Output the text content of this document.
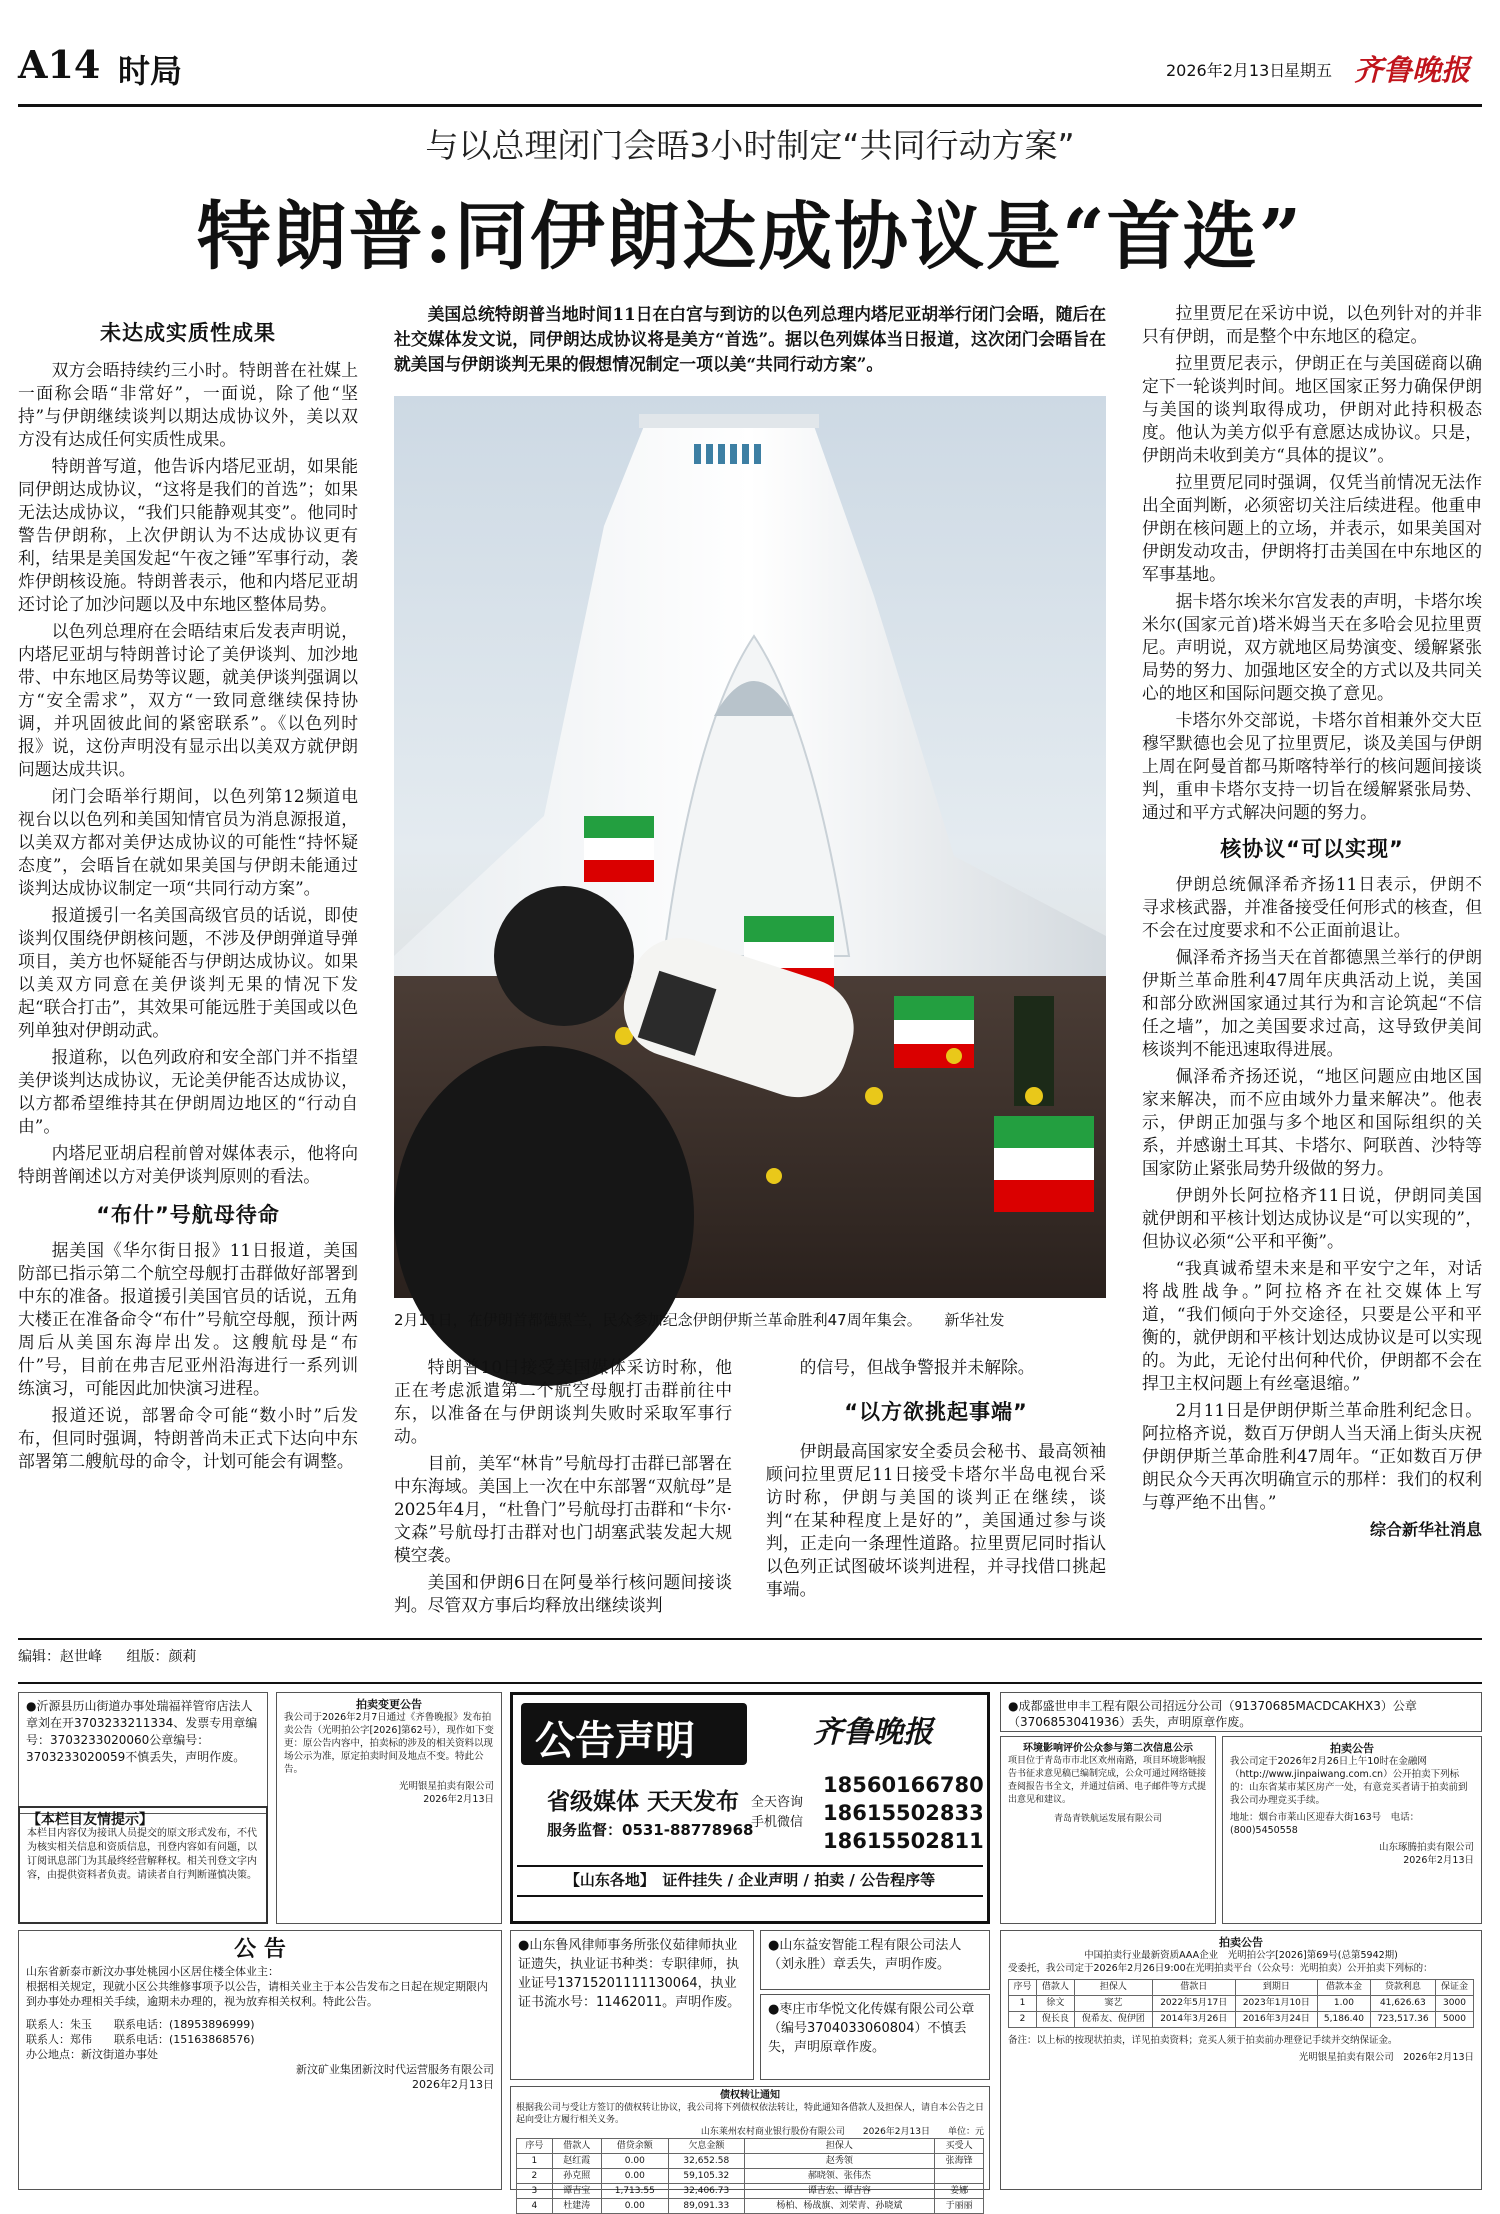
A14 时局	2026年2月13日
星期五 齐鲁晚报
与以总理闭门会晤3小时制定“共同行动方案”
特朗普:同伊朗达成协议是“首选”
未达成实质性成果

双方会晤持续约三小时。特朗普在社媒上一面称会晤“非常好”，一面说，除了他“坚持”与伊朗继续谈判以期达成协议外，美以双方没有达成任何实质性成果。

特朗普写道，他告诉内塔尼亚胡，如果能同伊朗达成协议，“这将是我们的首选”；如果无法达成协议，“我们只能静观其变”。他同时警告伊朗称，上次伊朗认为不达成协议更有利，结果是美国发起“午夜之锤”军事行动，袭炸伊朗核设施。特朗普表示，他和内塔尼亚胡还讨论了加沙问题以及中东地区整体局势。

以色列总理府在会晤结束后发表声明说，内塔尼亚胡与特朗普讨论了美伊谈判、加沙地带、中东地区局势等议题，就美伊谈判强调以方“安全需求”，双方“一致同意继续保持协调，并巩固彼此间的紧密联系”。《以色列时报》说，这份声明没有显示出以美双方就伊朗问题达成共识。

闭门会晤举行期间，以色列第12频道电视台以以色列和美国知情官员为消息源报道，以美双方都对美伊达成协议的可能性“持怀疑态度”，会晤旨在就如果美国与伊朗未能通过谈判达成协议制定一项“共同行动方案”。

报道援引一名美国高级官员的话说，即使谈判仅围绕伊朗核问题，不涉及伊朗弹道导弹项目，美方也怀疑能否与伊朗达成协议。如果以美双方同意在美伊谈判无果的情况下发起“联合打击”，其效果可能远胜于美国或以色列单独对伊朗动武。

报道称，以色列政府和安全部门并不指望美伊谈判达成协议，无论美伊能否达成协议，以方都希望维持其在伊朗周边地区的“行动自由”。

内塔尼亚胡启程前曾对媒体表示，他将向特朗普阐述以方对美伊谈判原则的看法。

“布什”号航母待命

据美国《华尔街日报》11日报道，美国防部已指示第二个航空母舰打击群做好部署到中东的准备。报道援引美国官员的话说，五角大楼正在准备命令“布什”号航空母舰，预计两周后从美国东海岸出发。这艘航母是“布什”号，目前在弗吉尼亚州沿海进行一系列训练演习，可能因此加快演习进程。

报道还说，部署命令可能“数小时”后发布，但同时强调，特朗普尚未正式下达向中东部署第二艘航母的命令，计划可能会有调整。

美国总统特朗普当地时间11日在白宫与到访的以色列总理内塔尼亚胡举行闭门会晤，随后在社交媒体发文说，同伊朗达成协议将是美方“首选”。据以色列媒体当日报道，这次闭门会晤旨在就美国与伊朗谈判无果的假想情况制定一项以美“共同行动方案”。
2月11日，在伊朗首都德黑兰，民众参加纪念伊朗伊斯兰革命胜利47周年集会。 新华社发

特朗普10日接受美国媒体采访时称，他正在考虑派遣第二个航空母舰打击群前往中东，以准备在与伊朗谈判失败时采取军事行动。

目前，美军“林肯”号航母打击群已部署在中东海域。美国上一次在中东部署“双航母”是2025年4月，“杜鲁门”号航母打击群和“卡尔·文森”号航母打击群对也门胡塞武装发起大规模空袭。

美国和伊朗6日在阿曼举行核问题间接谈判。尽管双方事后均释放出继续谈判

的信号，但战争警报并未解除。

“以方欲挑起事端”

伊朗最高国家安全委员会秘书、最高领袖顾问拉里贾尼11日接受卡塔尔半岛电视台采访时称，伊朗与美国的谈判正在继续，谈判“在某种程度上是好的”，美国通过参与谈判，正走向一条理性道路。拉里贾尼同时指认以色列正试图破坏谈判进程，并寻找借口挑起事端。

拉里贾尼在采访中说，以色列针对的并非只有伊朗，而是整个中东地区的稳定。

拉里贾尼表示，伊朗正在与美国磋商以确定下一轮谈判时间。地区国家正努力确保伊朗与美国的谈判取得成功，伊朗对此持积极态度。他认为美方似乎有意愿达成协议。只是，伊朗尚未收到美方“具体的提议”。

拉里贾尼同时强调，仅凭当前情况无法作出全面判断，必须密切关注后续进程。他重申伊朗在核问题上的立场，并表示，如果美国对伊朗发动攻击，伊朗将打击美国在中东地区的军事基地。

据卡塔尔埃米尔宫发表的声明，卡塔尔埃米尔(国家元首)塔米姆当天在多哈会见拉里贾尼。声明说，双方就地区局势演变、缓解紧张局势的努力、加强地区安全的方式以及共同关心的地区和国际问题交换了意见。

卡塔尔外交部说，卡塔尔首相兼外交大臣穆罕默德也会见了拉里贾尼，谈及美国与伊朗上周在阿曼首都马斯喀特举行的核问题间接谈判，重申卡塔尔支持一切旨在缓解紧张局势、通过和平方式解决问题的努力。

核协议“可以实现”

伊朗总统佩泽希齐扬11日表示，伊朗不寻求核武器，并准备接受任何形式的核查，但不会在过度要求和不公正面前退让。

佩泽希齐扬当天在首都德黑兰举行的伊朗伊斯兰革命胜利47周年庆典活动上说，美国和部分欧洲国家通过其行为和言论筑起“不信任之墙”，加之美国要求过高，这导致伊美间核谈判不能迅速取得进展。

佩泽希齐扬还说，“地区问题应由地区国家来解决，而不应由域外力量来解决”。他表示，伊朗正加强与多个地区和国际组织的关系，并感谢土耳其、卡塔尔、阿联酋、沙特等国家防止紧张局势升级做的努力。

伊朗外长阿拉格齐11日说，伊朗同美国就伊朗和平核计划达成协议是“可以实现的”，但协议必须“公平和平衡”。

“我真诚希望未来是和平安宁之年，对话将战胜战争。”阿拉格齐在社交媒体上写道，“我们倾向于外交途径，只要是公平和平衡的，就伊朗和平核计划达成协议是可以实现的。为此，无论付出何种代价，伊朗都不会在捍卫主权问题上有丝毫退缩。”

2月11日是伊朗伊斯兰革命胜利纪念日。阿拉格齐说，数百万伊朗人当天涌上街头庆祝伊朗伊斯兰革命胜利47周年。“正如数百万伊朗民众今天再次明确宣示的那样：我们的权利与尊严绝不出售。”

综合新华社消息
编辑：赵世峰 组版：颜莉

●沂源县历山街道办事处瑞福祥管帘店法人章刘在开3703233211334、发票专用章编号：3703233020060公章编号：3703233020059不慎丢失，声明作废。

【本栏目友情提示】

本栏目内容仅为接讯人员提交的原文形式发布，不代为核实相关信息和资质信息，刊登内容如有问题，以订阅讯息部门为其最终经营解释权。相关刊登文字内容，由提供资料者负责。请读者自行判断谨慎决策。

拍卖变更公告

我公司于2026年2月7日通过《齐鲁晚报》发布拍卖公告（光明拍公字[2026]第62号），现作如下变更：原公告内容中，拍卖标的涉及的相关资料以现场公示为准，原定拍卖时间及地点不变。特此公告。

光明银星拍卖有限公司
2026年2月13日

公告声明	齐鲁晚报
省级媒体 天天发布
服务监督：0531-88778968
全天咨询
手机微信
18560166780
18615502833
18615502811
【山东各地】　证件挂失 / 企业声明 / 拍卖 / 公告程序等

●成都盛世申丰工程有限公司招远分公司（91370685MACDCAKHX3）公章（3706853041936）丢失，声明原章作废。

环境影响评价公众参与第二次信息公示

项目位于青岛市市北区欢州南路，项目环境影响报告书征求意见稿已编制完成，公众可通过网络链接查阅报告书全文，并通过信函、电子邮件等方式提出意见和建议。

青岛青铁航运发展有限公司

拍卖公告

我公司定于2026年2月26日上午10时在金融网（http://www.jinpaiwang.com.cn）公开拍卖下列标的：山东省某市某区房产一处，有意竞买者请于拍卖前到我公司办理竞买手续。

地址：烟台市莱山区迎春大街163号　电话：(800)5450558

山东琢腾拍卖有限公司
2026年2月13日

公 告

山东省新泰市新汶办事处桃园小区居住楼全体业主：
根据相关规定，现就小区公共维修事项予以公告，请相关业主于本公告发布之日起在规定期限内到办事处办理相关手续，逾期未办理的，视为放弃相关权利。特此公告。

联系人：朱玉　　联系电话：(18953896999)

联系人：郑伟　　联系电话：(15163868576)

办公地点：新汶街道办事处

新汶矿业集团新汶时代运营服务有限公司
2026年2月13日

●山东鲁风律师事务所张仪茹律师执业证遗失，执业证书种类：专职律师，执业证号13715201111130064，执业证书流水号：11462011。声明作废。

●山东益安智能工程有限公司法人（刘永胜）章丢失，声明作废。

●枣庄市华悦文化传媒有限公司公章（编号3704033060804）不慎丢失，声明原章作废。

债权转让通知

根据我公司与受让方签订的债权转让协议，我公司将下列债权依法转让，特此通知各借款人及担保人，请自本公告之日起向受让方履行相关义务。

山东莱州农村商业银行股份有限公司　　2026年2月13日　　单位：元

序号	借款人	借贷余额	欠息金额	担保人	买受人
1	赵红霞	0.00	32,652.58	赵秀领	张海锋
2	孙克照	0.00	59,105.32	郝晓领、张伟杰	
3	谭吉宝	1,713.55	32,406.73	谭吉宏、谭吉容	姜娜
4	杜建涛	0.00	89,091.33	杨柏、杨战旗、刘荣青、孙晓斌	于丽丽

拍卖公告

中国拍卖行业最新资质AAA企业　光明拍公字[2026]第69号(总第5942期)

受委托，我公司定于2026年2月26日9:00在光明拍卖平台（公众号：光明拍卖）公开拍卖下列标的：

序号	借款人	担保人	借款日	到期日	借款本金	贷款利息	保证金
1	徐文	窦艺	2022年5月17日	2023年1月10日	1.00	41,626.63	3000
2	倪长良	倪希友、倪伊团	2014年3月26日	2016年3月24日	5,186.40	723,517.36	5000

备注：以上标的按现状拍卖，详见拍卖资料；竞买人须于拍卖前办理登记手续并交纳保证金。

光明银星拍卖有限公司　2026年2月13日
